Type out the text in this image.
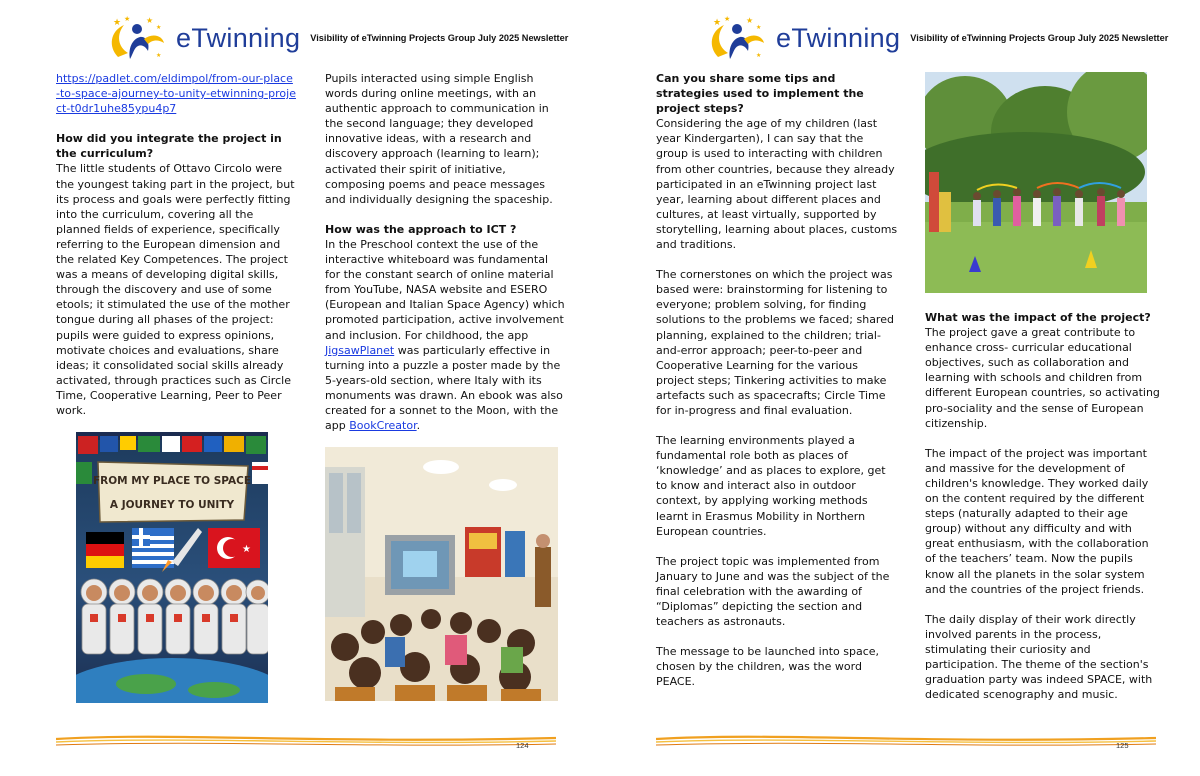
★ ★ ★
★
★
eTwinning Visibility of eTwinning Projects Group July 2025 Newsletter

https://padlet.com/eldimpol/from-our-place-to-space-ajourney-to-unity-etwinning-project-t0dr1uhe85ypu4p7

How did you integrate the project in the curriculum?

The little students of Ottavo Circolo were the youngest taking part in the project, but its process and goals were perfectly fitting into the curriculum, covering all the planned fields of experience, specifically referring to the European dimension and the related Key Competences. The project was a means of developing digital skills, through the discovery and use of some etools; it stimulated the use of the mother tongue during all phases of the project: pupils were guided to express opinions, motivate choices and evaluations, share ideas; it consolidated social skills already activated, through practices such as Circle Time, Cooperative Learning, Peer to Peer work.

Pupils interacted using simple English words during online meetings, with an authentic approach to communication in the second language; they developed innovative ideas, with a research and discovery approach (learning to learn); activated their spirit of initiative, composing poems and peace messages and individually designing the spaceship.

How was the approach to ICT ?

In the Preschool context the use of the interactive whiteboard was fundamental for the constant search of online material from YouTube, NASA website and ESERO (European and Italian Space Agency) which promoted participation, active involvement and inclusion. For childhood, the app JigsawPlanet was particularly effective in turning into a puzzle a poster made by the 5-years-old section, where Italy with its monuments was drawn. An ebook was also created for a sonnet to the Moon, with the app BookCreator.

FROM MY PLACE TO SPACE
A JOURNEY TO UNITY
★
124
★ ★ ★
★
★
eTwinning Visibility of eTwinning Projects Group July 2025 Newsletter
Can you share some tips and strategies used to implement the project steps?

Considering the age of my children (last year Kindergarten), I can say that the group is used to interacting with children from other countries, because they already participated in an eTwinning project last year, learning about different places and cultures, at least virtually, supported by storytelling, learning about places, customs and traditions.

The cornerstones on which the project was based were: brainstorming for listening to everyone; problem solving, for finding solutions to the problems we faced; shared planning, explained to the children; trial-and-error approach; peer-to-peer and Cooperative Learning for the various project steps; Tinkering activities to make artefacts such as spacecrafts; Circle Time for in-progress and final evaluation.

The learning environments played a fundamental role both as places of ‘knowledge’ and as places to explore, get to know and interact also in outdoor context, by applying working methods learnt in Erasmus Mobility in Northern European countries.

The project topic was implemented from January to June and was the subject of the final celebration with the awarding of “Diplomas” depicting the section and teachers as astronauts.

The message to be launched into space, chosen by the children, was the word PEACE.

What was the impact of the project?

The project gave a great contribute to enhance cross- curricular educational objectives, such as collaboration and learning with schools and children from different European countries, so activating pro-sociality and the sense of European citizenship.

The impact of the project was important and massive for the development of children's knowledge. They worked daily on the content required by the different steps (naturally adapted to their age group) without any difficulty and with great enthusiasm, with the collaboration of the teachers’ team. Now the pupils know all the planets in the solar system and the countries of the project friends.

The daily display of their work directly involved parents in the process, stimulating their curiosity and participation. The theme of the section's graduation party was indeed SPACE, with dedicated scenography and music.

125
